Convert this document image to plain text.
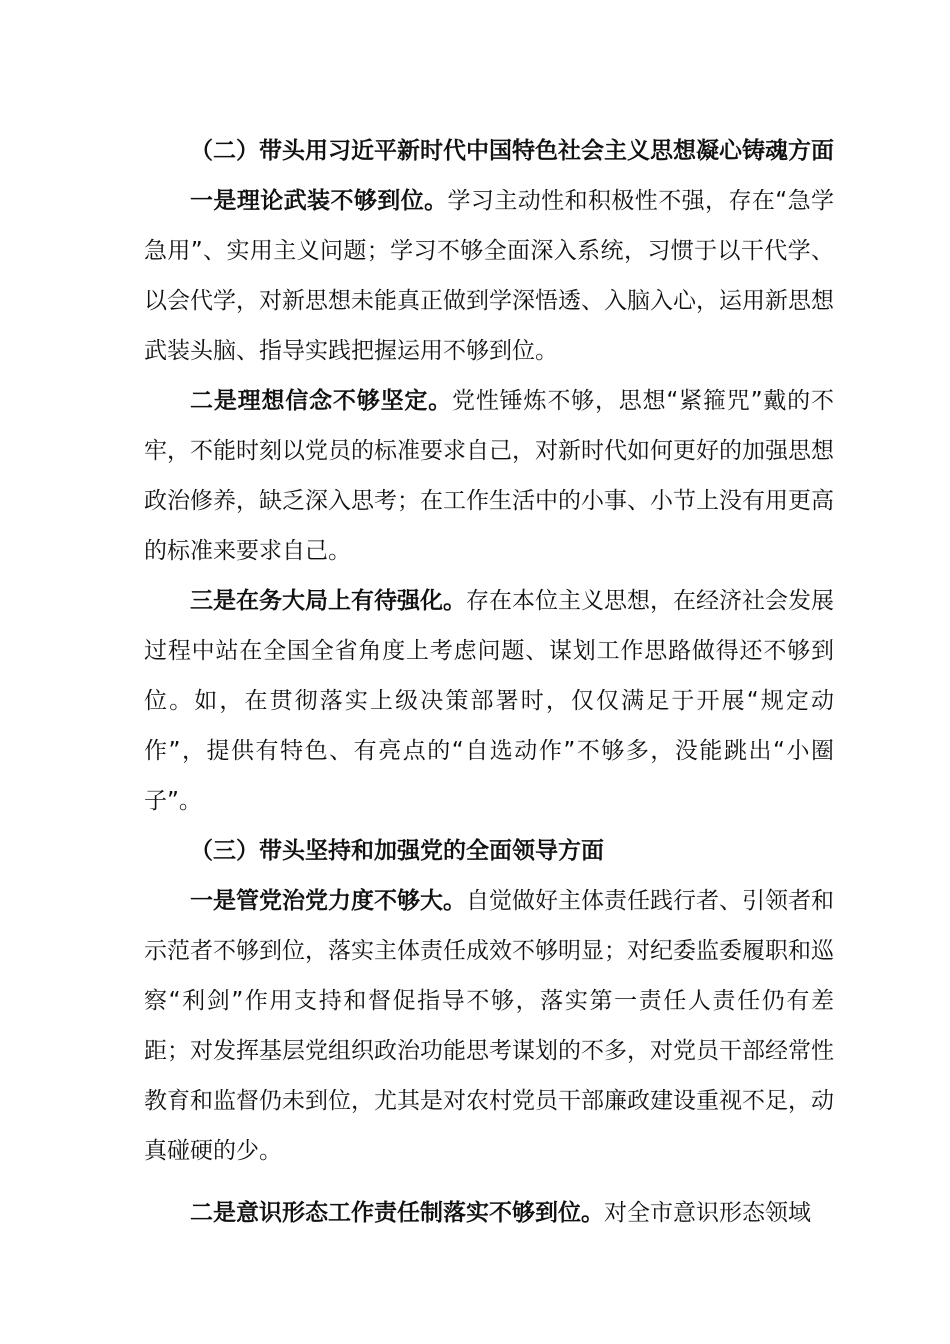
（二）带头用习近平新时代中国特色社会主义思想凝心铸魂方面

一是理论武装不够到位。学习主动性和积极性不强，存在“急学急用”、实用主义问题；学习不够全面深入系统，习惯于以干代学、以会代学，对新思想未能真正做到学深悟透、入脑入心，运用新思想武装头脑、指导实践把握运用不够到位。

二是理想信念不够坚定。党性锤炼不够，思想“紧箍咒”戴的不牢，不能时刻以党员的标准要求自己，对新时代如何更好的加强思想政治修养，缺乏深入思考；在工作生活中的小事、小节上没有用更高的标准来要求自己。

三是在务大局上有待强化。存在本位主义思想，在经济社会发展过程中站在全国全省角度上考虑问题、谋划工作思路做得还不够到位。如，在贯彻落实上级决策部署时，仅仅满足于开展“规定动作”，提供有特色、有亮点的“自选动作”不够多，没能跳出“小圈子”。

（三）带头坚持和加强党的全面领导方面

一是管党治党力度不够大。自觉做好主体责任践行者、引领者和示范者不够到位，落实主体责任成效不够明显；对纪委监委履职和巡察“利剑”作用支持和督促指导不够，落实第一责任人责任仍有差距；对发挥基层党组织政治功能思考谋划的不多，对党员干部经常性教育和监督仍未到位，尤其是对农村党员干部廉政建设重视不足，动真碰硬的少。

二是意识形态工作责任制落实不够到位。对全市意识形态领域
